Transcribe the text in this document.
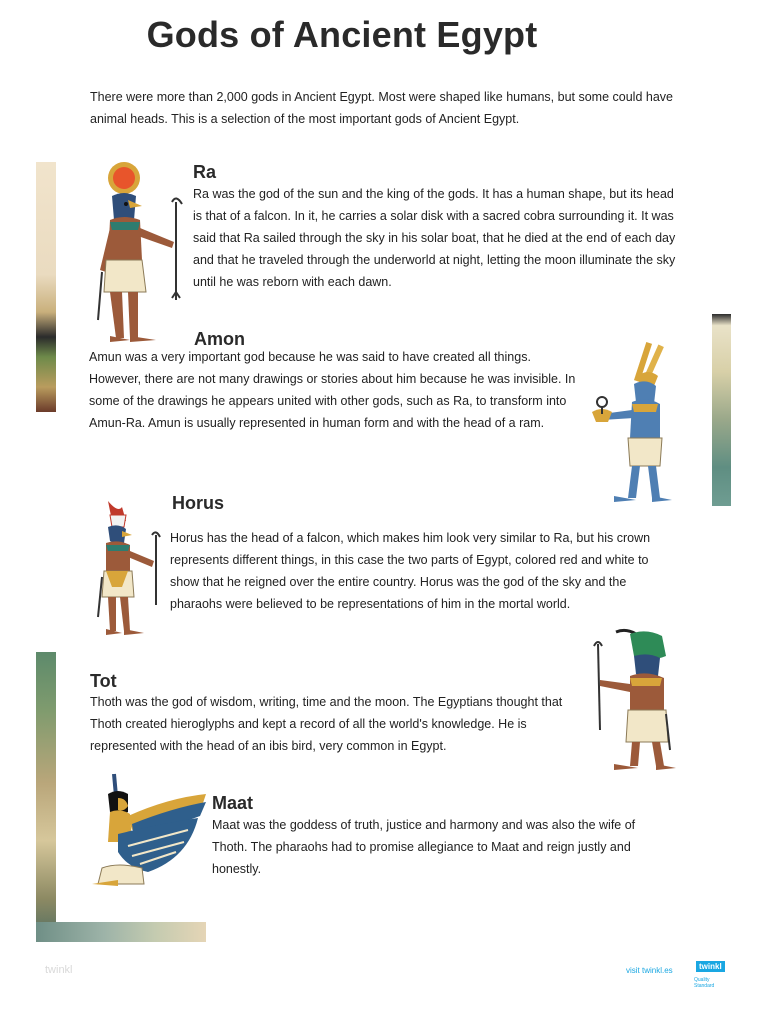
Gods of Ancient Egypt
There were more than 2,000 gods in Ancient Egypt. Most were shaped like humans, but some could have animal heads. This is a selection of the most important gods of Ancient Egypt.
Ra
Ra was the god of the sun and the king of the gods. It has a human shape, but its head is that of a falcon. In it, he carries a solar disk with a sacred cobra surrounding it. It was said that Ra sailed through the sky in his solar boat, that he died at the end of each day and that he traveled through the underworld at night, letting the moon illuminate the sky until he was reborn with each dawn.
Amon
Amun was a very important god because he was said to have created all things. However, there are not many drawings or stories about him because he was invisible. In some of the drawings he appears united with other gods, such as Ra, to transform into Amun-Ra. Amun is usually represented in human form and with the head of a ram.
Horus
Horus has the head of a falcon, which makes him look very similar to Ra, but his crown represents different things, in this case the two parts of Egypt, colored red and white to show that he reigned over the entire country. Horus was the god of the sky and the pharaohs were believed to be representations of him in the mortal world.
Tot
Thoth was the god of wisdom, writing, time and the moon. The Egyptians thought that Thoth created hieroglyphs and kept a record of all the world's knowledge. He is represented with the head of an ibis bird, very common in Egypt.
Maat
Maat was the goddess of truth, justice and harmony and was also the wife of Thoth. The pharaohs had to promise allegiance to Maat and reign justly and honestly.
twinkl	visit twinkl.es	twinkl
Quality Standard
